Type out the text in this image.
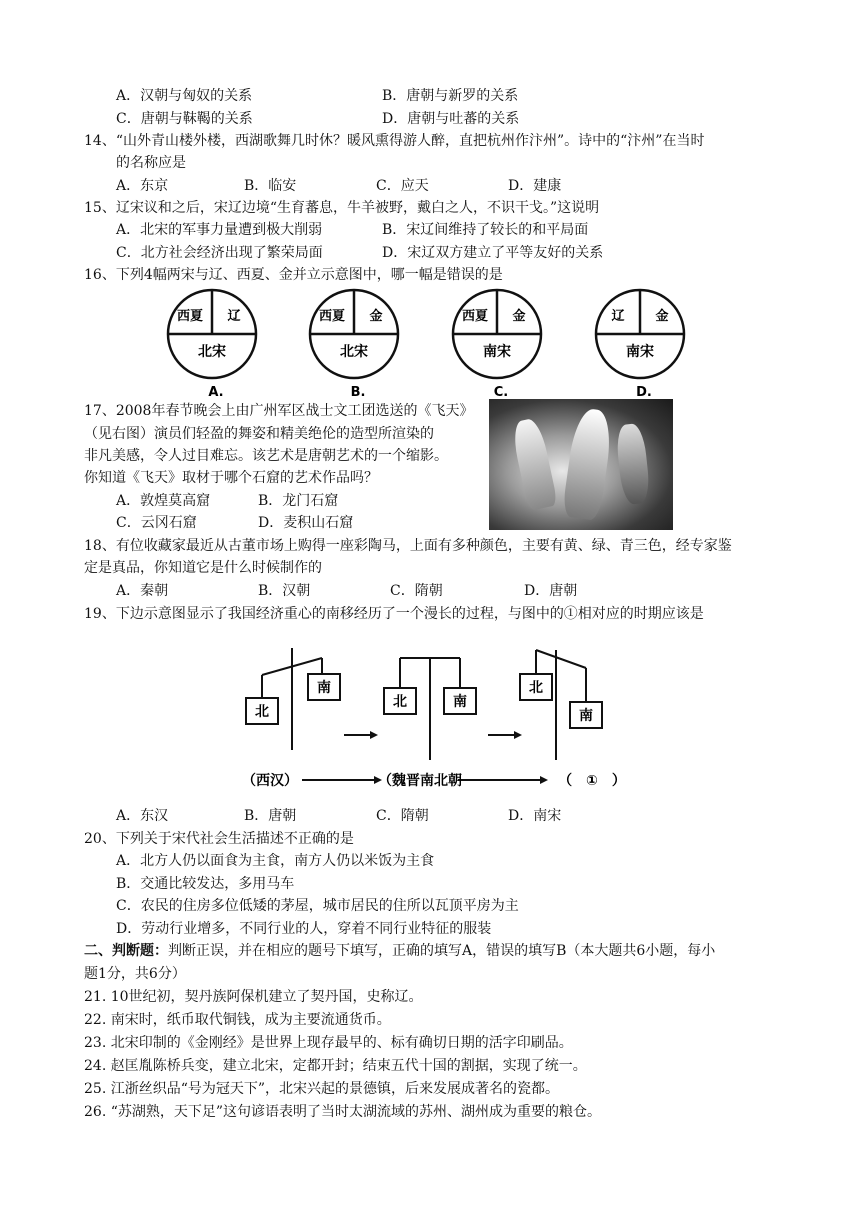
A．汉朝与匈奴的关系	B．唐朝与新罗的关系
C．唐朝与靺鞨的关系	D．唐朝与吐蕃的关系
14、“山外青山楼外楼，西湖歌舞几时休？暖风熏得游人醉，直把杭州作汴州”。诗中的“汴州”在当时
的名称应是
A．东京	B．临安	C．应天	D．建康
15、辽宋议和之后，宋辽边境“生育蕃息，牛羊被野，戴白之人，不识干戈。”这说明
A．北宋的军事力量遭到极大削弱	B．宋辽间维持了较长的和平局面
C．北方社会经济出现了繁荣局面	D．宋辽双方建立了平等友好的关系
16、下列4幅两宋与辽、西夏、金并立示意图中，哪一幅是错误的是
西夏 辽
北宋
A.
西夏 金
北宋
B.
西夏 金
南宋
C.
辽 金
南宋
D.
17、2008年春节晚会上由广州军区战士文工团选送的《飞天》
（见右图）演员们轻盈的舞姿和精美绝伦的造型所渲染的
非凡美感，令人过目难忘。该艺术是唐朝艺术的一个缩影。
你知道《飞天》取材于哪个石窟的艺术作品吗？
A．敦煌莫高窟	B．龙门石窟
C．云冈石窟	D．麦积山石窟
18、有位收藏家最近从古董市场上购得一座彩陶马，上面有多种颜色，主要有黄、绿、青三色，经专家鉴
定是真品，你知道它是什么时候制作的
A．秦朝	B．汉朝	C．隋朝	D．唐朝
19、下边示意图显示了我国经济重心的南移经历了一个漫长的过程，与图中的①相对应的时期应该是
北
南
北	南
北
南
（西汉）	（魏晋南北朝	（　①　）
A．东汉	B．唐朝	C．隋朝	D．南宋
20、下列关于宋代社会生活描述不正确的是
A．北方人仍以面食为主食，南方人仍以米饭为主食
B．交通比较发达，多用马车
C．农民的住房多位低矮的茅屋，城市居民的住所以瓦顶平房为主
D．劳动行业增多，不同行业的人，穿着不同行业特征的服装
二、判断题：判断正误，并在相应的题号下填写，正确的填写A，错误的填写B（本大题共6小题，每小
题1分，共6分）
21. 10世纪初，契丹族阿保机建立了契丹国，史称辽。
22. 南宋时，纸币取代铜钱，成为主要流通货币。
23. 北宋印制的《金刚经》是世界上现存最早的、标有确切日期的活字印刷品。
24. 赵匡胤陈桥兵变，建立北宋，定都开封；结束五代十国的割据，实现了统一。
25. 江浙丝织品“号为冠天下”，北宋兴起的景德镇，后来发展成著名的瓷都。
26. “苏湖熟，天下足”这句谚语表明了当时太湖流域的苏州、湖州成为重要的粮仓。
